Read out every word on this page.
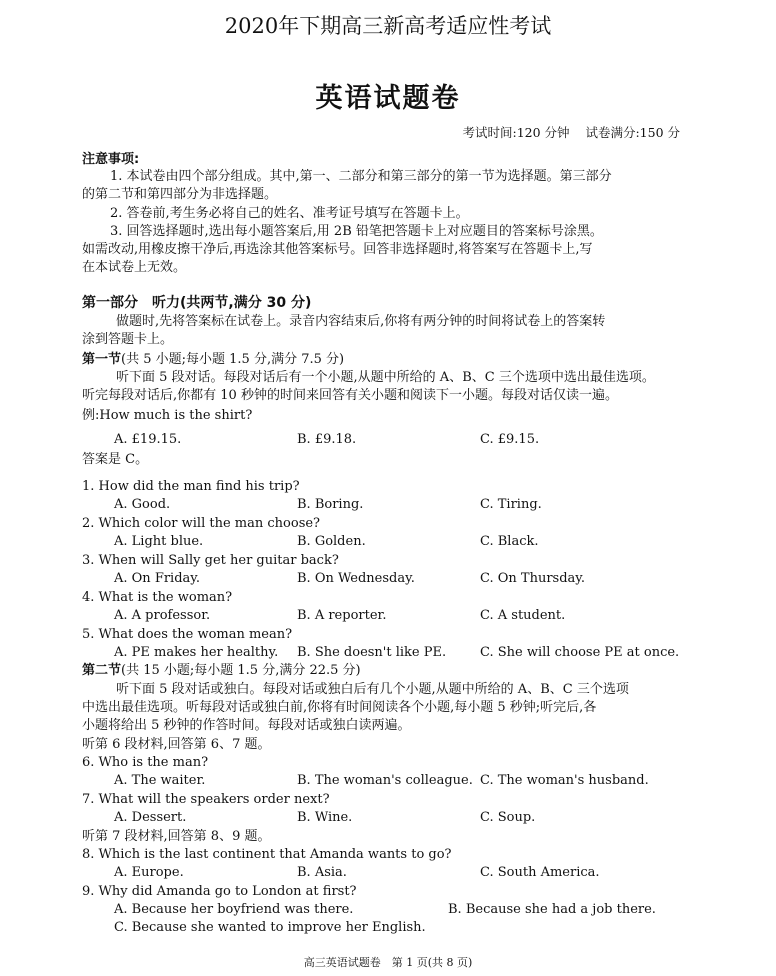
2020年下期高三新高考适应性考试
英语试题卷
考试时间:120 分钟 试卷满分:150 分
注意事项:
1. 本试卷由四个部分组成。其中,第一、二部分和第三部分的第一节为选择题。第三部分
的第二节和第四部分为非选择题。
2. 答卷前,考生务必将自己的姓名、准考证号填写在答题卡上。
3. 回答选择题时,选出每小题答案后,用 2B 铅笔把答题卡上对应题目的答案标号涂黑。
如需改动,用橡皮擦干净后,再选涂其他答案标号。回答非选择题时,将答案写在答题卡上,写
在本试卷上无效。
第一部分　听力(共两节,满分 30 分)
做题时,先将答案标在试卷上。录音内容结束后,你将有两分钟的时间将试卷上的答案转
涂到答题卡上。
第一节(共 5 小题;每小题 1.5 分,满分 7.5 分)
听下面 5 段对话。每段对话后有一个小题,从题中所给的 A、B、C 三个选项中选出最佳选项。
听完每段对话后,你都有 10 秒钟的时间来回答有关小题和阅读下一小题。每段对话仅读一遍。
例:How much is the shirt?
A. £19.15.	B. £9.18.	C. £9.15.
答案是 C。
1. How did the man find his trip?
A. Good.	B. Boring.	C. Tiring.
2. Which color will the man choose?
A. Light blue.	B. Golden.	C. Black.
3. When will Sally get her guitar back?
A. On Friday.	B. On Wednesday.	C. On Thursday.
4. What is the woman?
A. A professor.	B. A reporter.	C. A student.
5. What does the woman mean?
A. PE makes her healthy. B. She doesn't like PE.	C. She will choose PE at once.
第二节(共 15 小题;每小题 1.5 分,满分 22.5 分)
听下面 5 段对话或独白。每段对话或独白后有几个小题,从题中所给的 A、B、C 三个选项
中选出最佳选项。听每段对话或独白前,你将有时间阅读各个小题,每小题 5 秒钟;听完后,各
小题将给出 5 秒钟的作答时间。每段对话或独白读两遍。
听第 6 段材料,回答第 6、7 题。
6. Who is the man?
A. The waiter.	B. The woman's colleague. C. The woman's husband.
7. What will the speakers order next?
A. Dessert.	B. Wine.	C. Soup.
听第 7 段材料,回答第 8、9 题。
8. Which is the last continent that Amanda wants to go?
A. Europe.	B. Asia.	C. South America.
9. Why did Amanda go to London at first?
A. Because her boyfriend was there.	B. Because she had a job there.
C. Because she wanted to improve her English.
高三英语试题卷　第 1 页(共 8 页)
